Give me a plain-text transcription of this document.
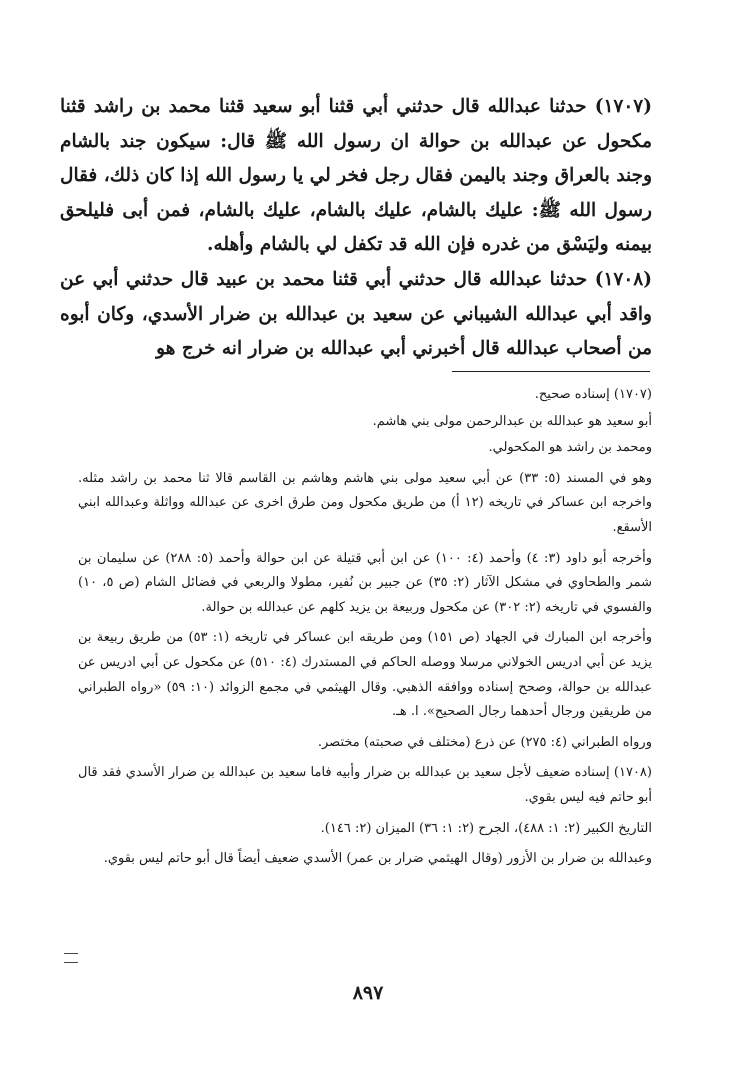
(١٧٠٧) حدثنا عبدالله قال حدثني أبي قثنا أبو سعيد قثنا محمد بن راشد قثنا مكحول عن عبدالله بن حوالة ان رسول الله ﷺ قال: سيكون جند بالشام وجند بالعراق وجند باليمن فقال رجل فخر لي يا رسول الله إذا كان ذلك، فقال رسول الله ﷺ: عليك بالشام، عليك بالشام، عليك بالشام، فمن أبى فليلحق بيمنه وليَسْق من غدره فإن الله قد تكفل لي بالشام وأهله.

(١٧٠٨) حدثنا عبدالله قال حدثني أبي قثنا محمد بن عبيد قال حدثني أبي عن واقد أبي عبدالله الشيباني عن سعيد بن عبدالله بن ضرار الأسدي، وكان أبوه من أصحاب عبدالله قال أخبرني أبي عبدالله بن ضرار انه خرج هو

(١٧٠٧) إسناده صحيح.

أبو سعيد هو عبدالله بن عبدالرحمن مولى بني هاشم.

ومحمد بن راشد هو المكحولي.

وهو في المسند (٥: ٣٣) عن أبي سعيد مولى بني هاشم وهاشم بن القاسم قالا ثنا محمد بن راشد مثله. واخرجه ابن عساكر في تاريخه (١٢ أ) من طريق مكحول ومن طرق اخرى عن عبدالله وواثلة وعبدالله ابني الأسقع.

وأخرجه أبو داود (٣: ٤) وأحمد (٤: ١٠٠) عن ابن أبي قتيلة عن ابن حوالة وأحمد (٥: ٢٨٨) عن سليمان بن شمر والطحاوي في مشكل الآثار (٢: ٣٥) عن جبير بن نُفير، مطولا والربعي في فضائل الشام (ص ٥، ١٠) والفسوي في تاريخه (٢: ٣٠٢) عن مكحول وربيعة بن يزيد كلهم عن عبدالله بن حوالة.

وأخرجه ابن المبارك في الجهاد (ص ١٥١) ومن طريقه ابن عساكر في تاريخه (١: ٥٣) من طريق ربيعة بن يزيد عن أبي ادريس الخولاني مرسلا ووصله الحاكم في المستدرك (٤: ٥١٠) عن مكحول عن أبي ادريس عن عبدالله بن حوالة، وصحح إسناده ووافقه الذهبي. وقال الهيثمي في مجمع الزوائد (١٠: ٥٩) «رواه الطبراني من طريقين ورجال أحدهما رجال الصحيح». ا. هـ.

ورواه الطبراني (٤: ٢٧٥) عن ذرع (مختلف في صحبته) مختصر.

(١٧٠٨) إسناده ضعيف لأجل سعيد بن عبدالله بن ضرار وأبيه فاما سعيد بن عبدالله بن ضرار الأسدي فقد قال أبو حاتم فيه ليس بقوي.

التاريخ الكبير (٢: ١: ٤٨٨)، الجرح (٢: ١: ٣٦) الميزان (٢: ١٤٦).

وعبدالله بن ضرار بن الأزور (وقال الهيثمي ضرار بن عمر) الأسدي ضعيف أيضاً قال أبو حاتم ليس بقوي.

٨٩٧
